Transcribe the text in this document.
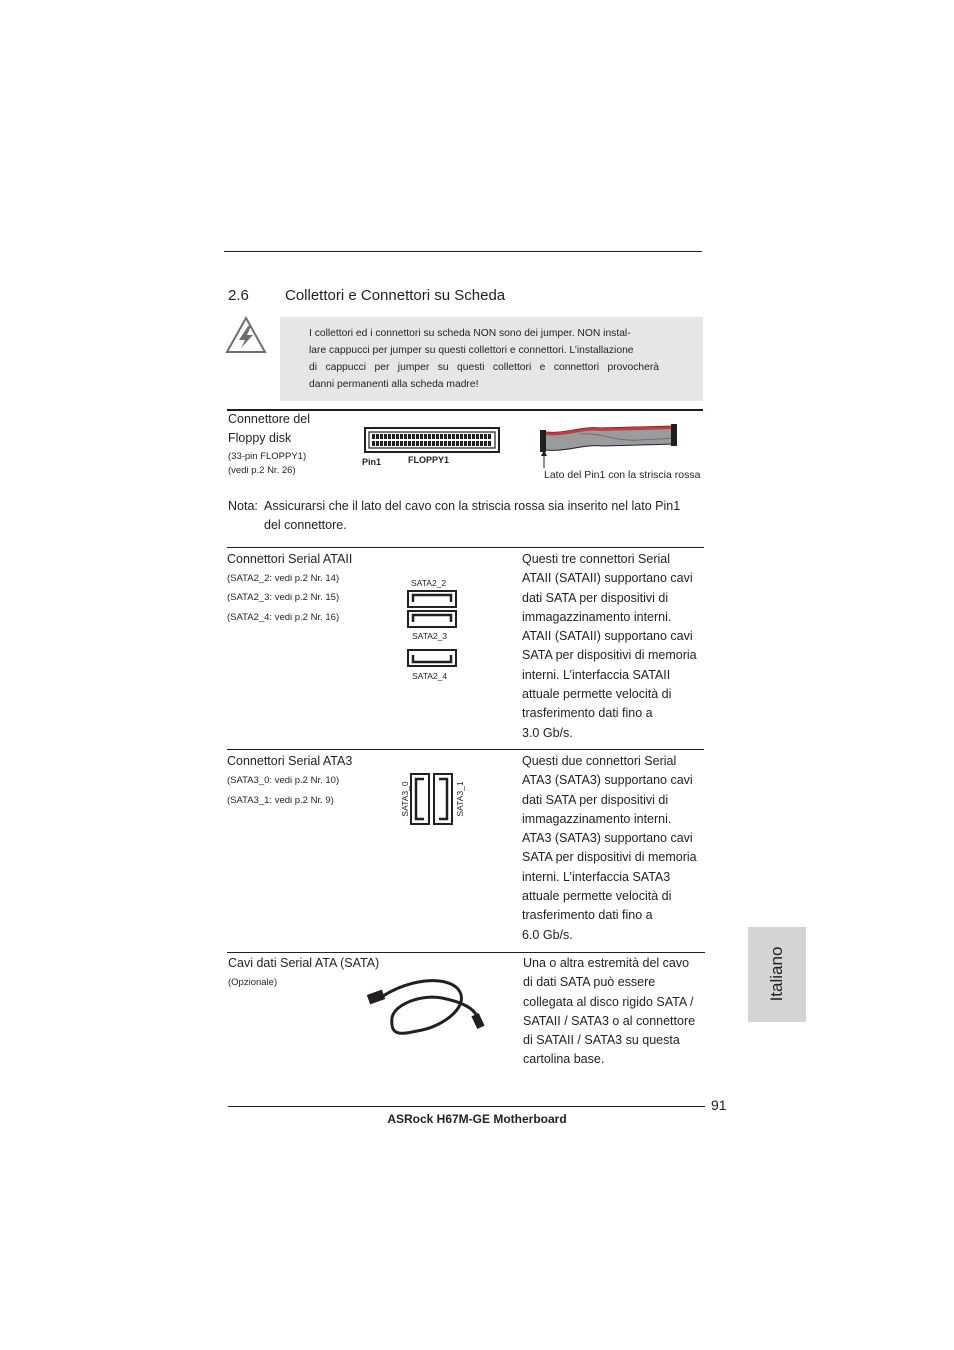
2.6 Collettori e Connettori su Scheda
I collettori ed i connettori su scheda NON sono dei jumper. NON instal-
lare cappucci per jumper su questi collettori e connettori. L’installazione
di cappucci per jumper su questi collettori e connettori provocherà
danni permanenti alla scheda madre!
Connettore del
Floppy disk
(33-pin FLOPPY1)
(vedi p.2 Nr. 26)
Pin1	FLOPPY1
Lato del Pin1 con la striscia rossa
Nota: Assicurarsi che il lato del cavo con la striscia rossa sia inserito nel lato Pin1
del connettore.
Connettori Serial ATAII
(SATA2_2: vedi p.2 Nr. 14)
(SATA2_3: vedi p.2 Nr. 15)
(SATA2_4: vedi p.2 Nr. 16)
SATA2_2
SATA2_3
SATA2_4

Questi tre connettori Serial

ATAII (SATAII) supportano cavi

dati SATA per dispositivi di

immagazzinamento interni.

ATAII (SATAII) supportano cavi

SATA per dispositivi di memoria

interni. L’interfaccia SATAII

attuale permette velocità di

trasferimento dati fino a

3.0 Gb/s.

Connettori Serial ATA3
(SATA3_0: vedi p.2 Nr. 10)
(SATA3_1: vedi p.2 Nr. 9)	SATA3_0	SATA3_1

Questi due connettori Serial

ATA3 (SATA3) supportano cavi

dati SATA per dispositivi di

immagazzinamento interni.

ATA3 (SATA3) supportano cavi

SATA per dispositivi di memoria

interni. L’interfaccia SATA3

attuale permette velocità di

trasferimento dati fino a

6.0 Gb/s.

Cavi dati Serial ATA (SATA)
(Opzionale)

Una o altra estremità del cavo

di dati SATA può essere

collegata al disco rigido SATA /

SATAII / SATA3 o al connettore

di SATAII / SATA3 su questa

cartolina base.

Italiano
91
ASRock H67M-GE Motherboard
